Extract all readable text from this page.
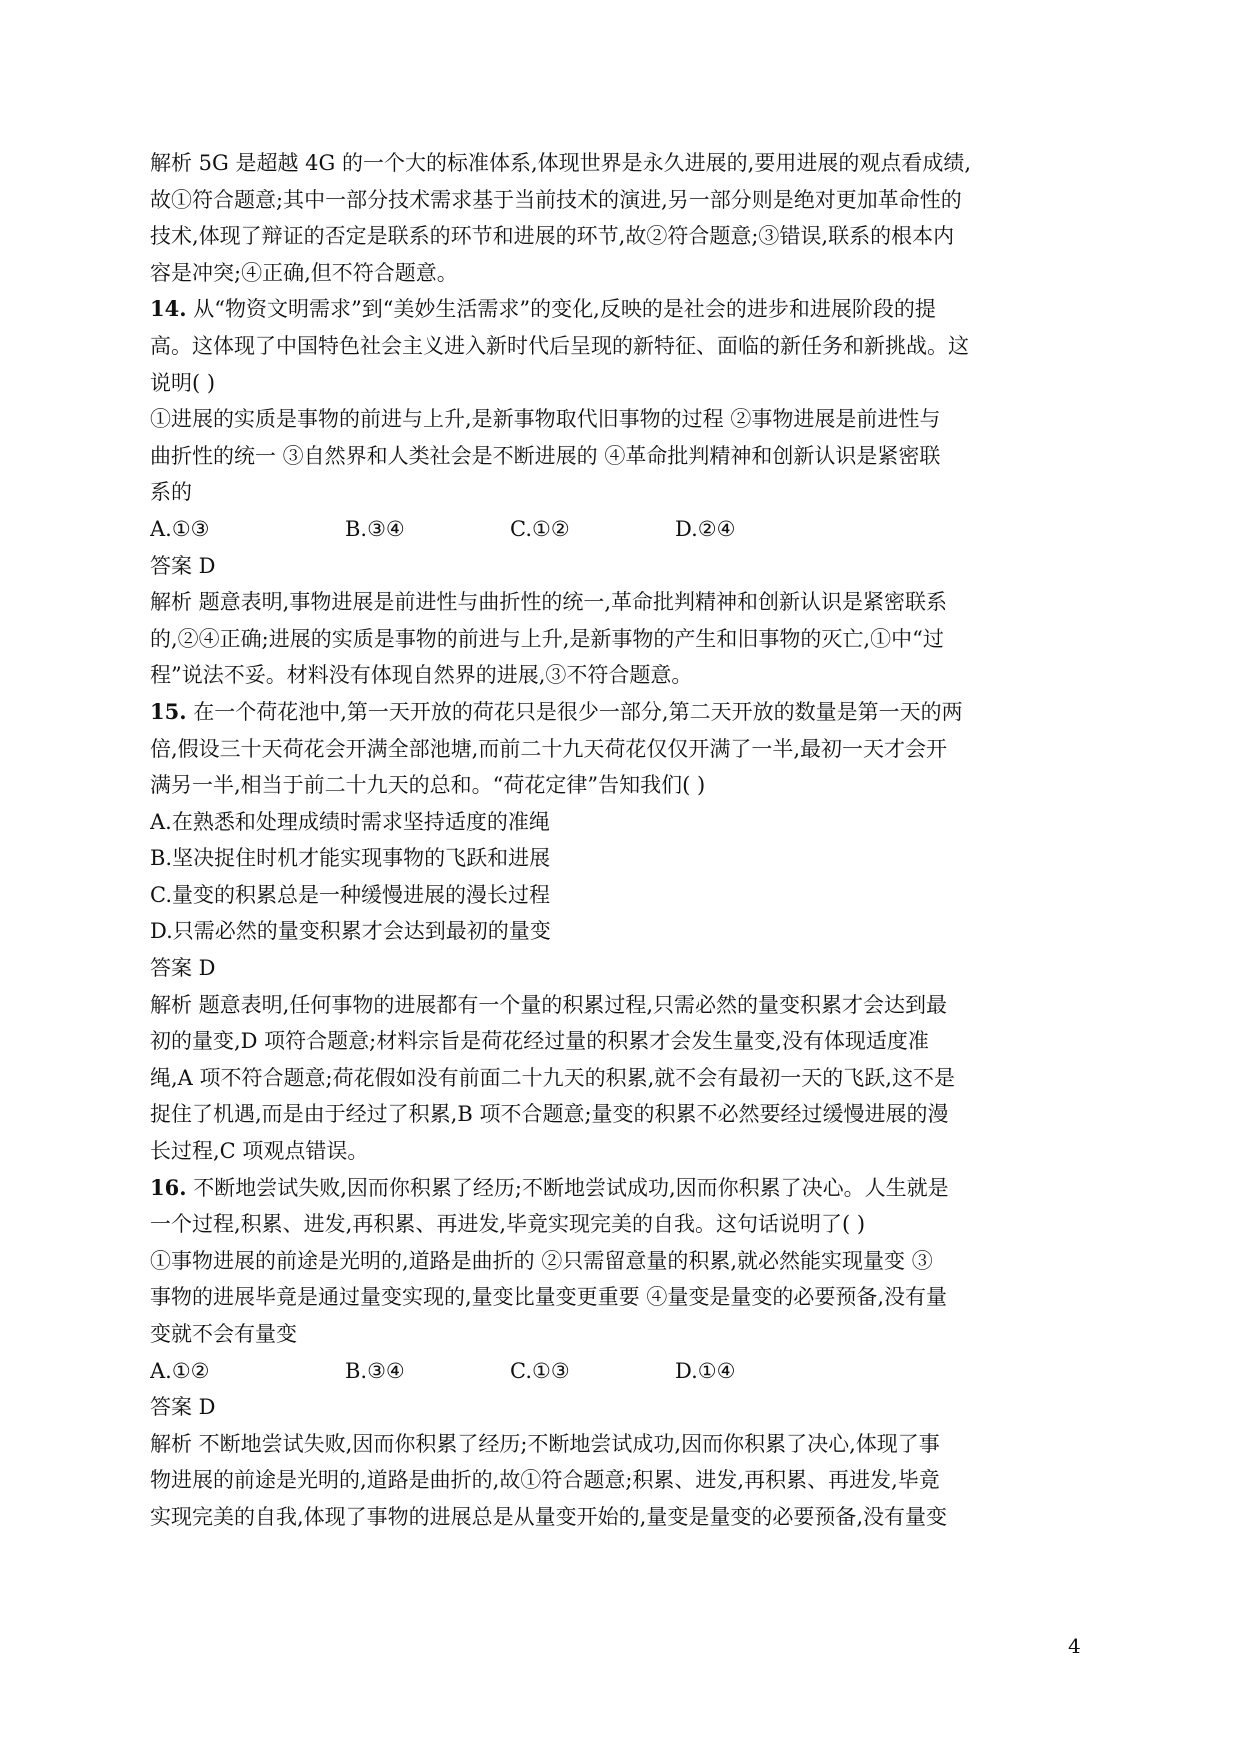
解析 5G 是超越 4G 的一个大的标准体系,体现世界是永久进展的,要用进展的观点看成绩,
故①符合题意;其中一部分技术需求基于当前技术的演进,另一部分则是绝对更加革命性的
技术,体现了辩证的否定是联系的环节和进展的环节,故②符合题意;③错误,联系的根本内
容是冲突;④正确,但不符合题意。
14. 从“物资文明需求”到“美妙生活需求”的变化,反映的是社会的进步和进展阶段的提
高。这体现了中国特色社会主义进入新时代后呈现的新特征、面临的新任务和新挑战。这
说明( )
①进展的实质是事物的前进与上升,是新事物取代旧事物的过程 ②事物进展是前进性与
曲折性的统一 ③自然界和人类社会是不断进展的 ④革命批判精神和创新认识是紧密联
系的
A.①③	B.③④	C.①②	D.②④
答案 D
解析 题意表明,事物进展是前进性与曲折性的统一,革命批判精神和创新认识是紧密联系
的,②④正确;进展的实质是事物的前进与上升,是新事物的产生和旧事物的灭亡,①中“过
程”说法不妥。材料没有体现自然界的进展,③不符合题意。
15. 在一个荷花池中,第一天开放的荷花只是很少一部分,第二天开放的数量是第一天的两
倍,假设三十天荷花会开满全部池塘,而前二十九天荷花仅仅开满了一半,最初一天才会开
满另一半,相当于前二十九天的总和。“荷花定律”告知我们( )
A.在熟悉和处理成绩时需求坚持适度的准绳
B.坚决捉住时机才能实现事物的飞跃和进展
C.量变的积累总是一种缓慢进展的漫长过程
D.只需必然的量变积累才会达到最初的量变
答案 D
解析 题意表明,任何事物的进展都有一个量的积累过程,只需必然的量变积累才会达到最
初的量变,D 项符合题意;材料宗旨是荷花经过量的积累才会发生量变,没有体现适度准
绳,A 项不符合题意;荷花假如没有前面二十九天的积累,就不会有最初一天的飞跃,这不是
捉住了机遇,而是由于经过了积累,B 项不合题意;量变的积累不必然要经过缓慢进展的漫
长过程,C 项观点错误。
16. 不断地尝试失败,因而你积累了经历;不断地尝试成功,因而你积累了决心。人生就是
一个过程,积累、进发,再积累、再进发,毕竟实现完美的自我。这句话说明了( )
①事物进展的前途是光明的,道路是曲折的 ②只需留意量的积累,就必然能实现量变 ③
事物的进展毕竟是通过量变实现的,量变比量变更重要 ④量变是量变的必要预备,没有量
变就不会有量变
A.①②	B.③④	C.①③	D.①④
答案 D
解析 不断地尝试失败,因而你积累了经历;不断地尝试成功,因而你积累了决心,体现了事
物进展的前途是光明的,道路是曲折的,故①符合题意;积累、进发,再积累、再进发,毕竟
实现完美的自我,体现了事物的进展总是从量变开始的,量变是量变的必要预备,没有量变
4
